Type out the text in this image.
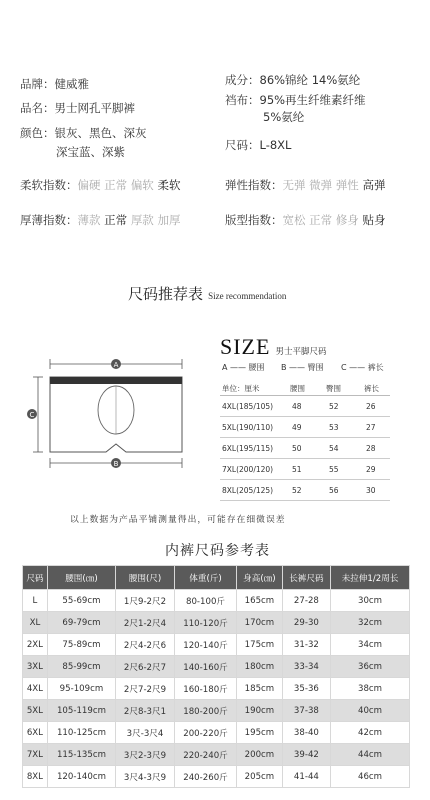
品牌：健威雅
品名：男士网孔平脚裤
颜色：银灰、黑色、深灰
深宝蓝、深紫
成分：86%锦纶 14%氨纶
裆布：95%再生纤维素纤维
5%氨纶
尺码：L-8XL
柔软指数：偏硬 正常 偏软 柔软	弹性指数：无弹 微弹 弹性 高弹
厚薄指数：薄款 正常 厚款 加厚	版型指数：宽松 正常 修身 贴身
尺码推荐表 Size recommendation
A
C
B
SIZE 男士平脚尺码
A —— 腰围 B —— 臀围 C —— 裤长
单位：厘米	腰围	臀围	裤长
4XL(185/105)	48	52	26
5XL(190/110)	49	53	27
6XL(195/115)	50	54	28
7XL(200/120)	51	55	29
8XL(205/125)	52	56	30
以上数据为产品平铺测量得出，可能存在细微误差
内裤尺码参考表
尺码	腰围(㎝)	腰围(尺)	体重(斤)	身高(㎝)	长裤尺码	未拉伸1/2周长
L	55-69cm	1尺9-2尺2	80-100斤	165cm	27-28	30cm
XL	69-79cm	2尺1-2尺4	110-120斤	170cm	29-30	32cm
2XL	75-89cm	2尺4-2尺6	120-140斤	175cm	31-32	34cm
3XL	85-99cm	2尺6-2尺7	140-160斤	180cm	33-34	36cm
4XL	95-109cm	2尺7-2尺9	160-180斤	185cm	35-36	38cm
5XL	105-119cm	2尺8-3尺1	180-200斤	190cm	37-38	40cm
6XL	110-125cm	3尺-3尺4	200-220斤	195cm	38-40	42cm
7XL	115-135cm	3尺2-3尺9	220-240斤	200cm	39-42	44cm
8XL	120-140cm	3尺4-3尺9	240-260斤	205cm	41-44	46cm
